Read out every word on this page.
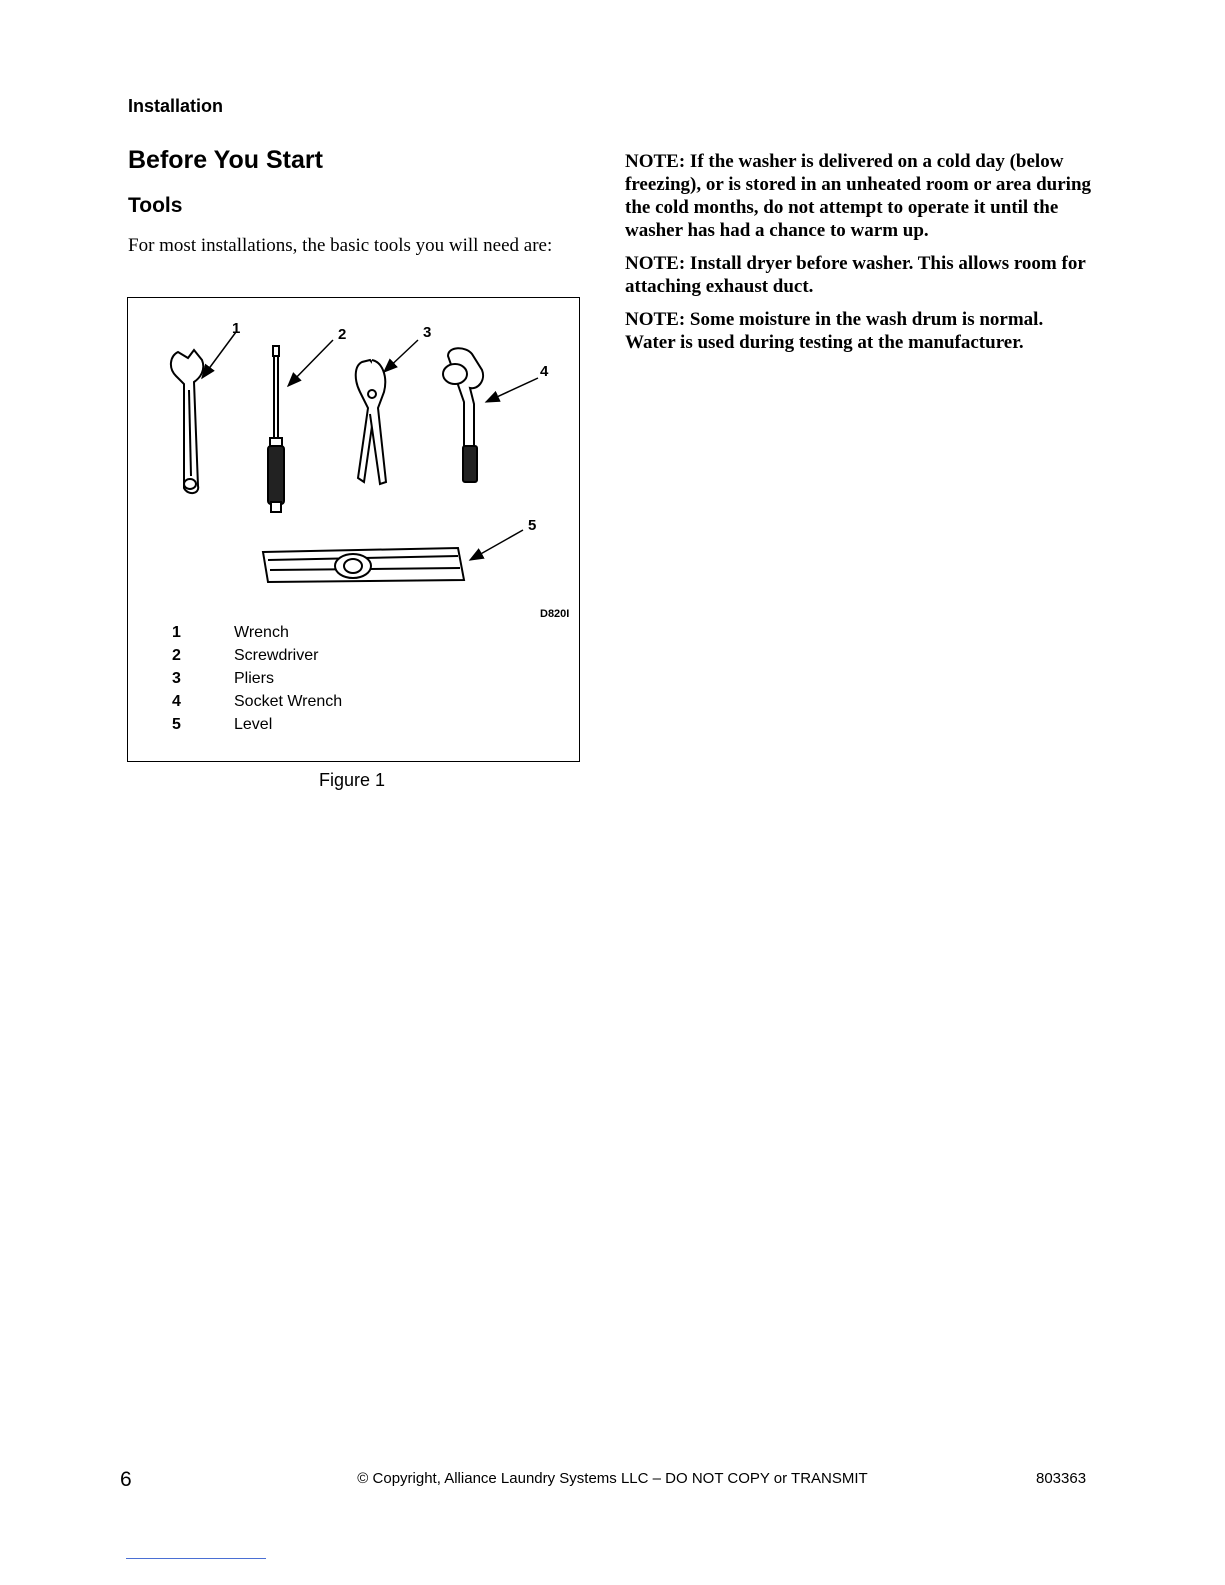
Installation
Before You Start
Tools

For most installations, the basic tools you will need are:

1	2	3
4
5
D820I
1	Wrench
2	Screwdriver
3	Pliers
4	Socket Wrench
5	Level
Figure 1

NOTE: If the washer is delivered on a cold day (below freezing), or is stored in an unheated room or area during the cold months, do not attempt to operate it until the washer has had a chance to warm up.

NOTE: Install dryer before washer. This allows room for attaching exhaust duct.

NOTE: Some moisture in the wash drum is normal. Water is used during testing at the manufacturer.

6	© Copyright, Alliance Laundry Systems LLC – DO NOT COPY or TRANSMIT	803363
